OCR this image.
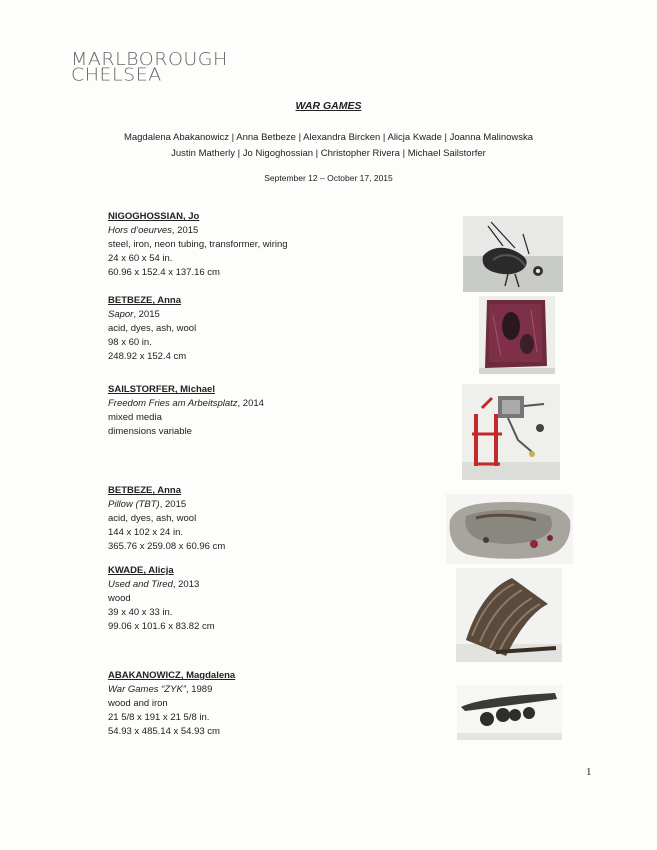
MARLBOROUGH
CHELSEA
WAR GAMES
Magdalena Abakanowicz | Anna Betbeze | Alexandra Bircken | Alicja Kwade | Joanna Malinowska
Justin Matherly | Jo Nigoghossian | Christopher Rivera | Michael Sailstorfer
September 12 – October 17, 2015
NIGOGHOSSIAN, Jo
Hors d’oeurves, 2015
steel, iron, neon tubing, transformer, wiring
24 x 60 x 54 in.
60.96 x 152.4 x 137.16 cm
BETBEZE, Anna
Sapor, 2015
acid, dyes, ash, wool
98 x 60 in.
248.92 x 152.4 cm
SAILSTORFER, Michael
Freedom Fries am Arbeitsplatz, 2014
mixed media
dimensions variable
BETBEZE, Anna
Pillow (TBT), 2015
acid, dyes, ash, wool
144 x 102 x 24 in.
365.76 x 259.08 x 60.96 cm
KWADE, Alicja
Used and Tired, 2013
wood
39 x 40 x 33 in.
99.06 x 101.6 x 83.82 cm
ABAKANOWICZ, Magdalena
War Games “ZYK”, 1989
wood and iron
21 5/8 x 191 x 21 5/8 in.
54.93 x 485.14 x 54.93 cm
1
